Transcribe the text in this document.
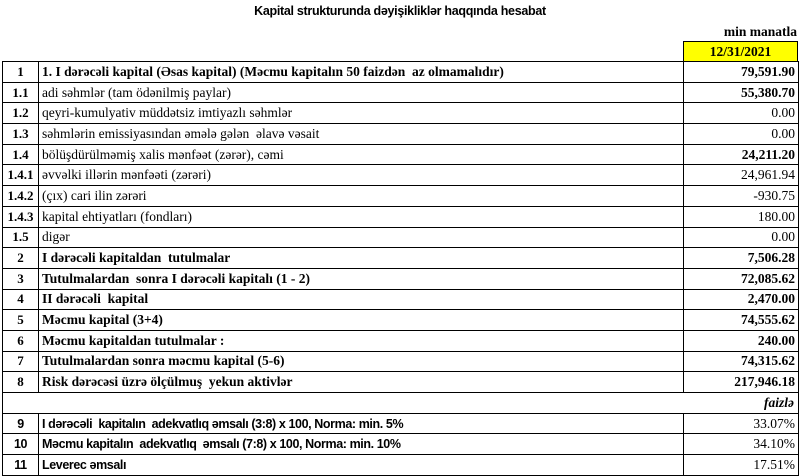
Kapital strukturunda dəyişikliklər haqqında hesabat
min manatla
12/31/2021
1	1. I dərəcəli kapital (Əsas kapital) (Məcmu kapitalın 50 faizdən  az olmamalıdır)	79,591.90
1.1	adi səhmlər (tam ödənilmiş paylar)	55,380.70
1.2	qeyri-kumulyativ müddətsiz imtiyazlı səhmlər	0.00
1.3	səhmlərin emissiyasından əmələ gələn  əlavə vəsait	0.00
1.4	bölüşdürülməmiş xalis mənfəət (zərər), cəmi	24,211.20
1.4.1	əvvəlki illərin mənfəəti (zərəri)	24,961.94
1.4.2	(çıx) cari ilin zərəri	-930.75
1.4.3	kapital ehtiyatları (fondları)	180.00
1.5	digər	0.00
2	I dərəcəli kapitaldan  tutulmalar	7,506.28
3	Tutulmalardan  sonra I dərəcəli kapitalı (1 - 2)	72,085.62
4	II dərəcəli  kapital	2,470.00
5	Məcmu kapital (3+4)	74,555.62
6	Məcmu kapitaldan tutulmalar :	240.00
7	Tutulmalardan sonra məcmu kapital (5-6)	74,315.62
8	Risk dərəcəsi üzrə ölçülmuş  yekun aktivlər	217,946.18
faizlə		
9	I dərəcəli  kapitalın  adekvatlıq əmsalı (3:8) x 100, Norma: min. 5%	33.07%
10	Məcmu kapitalın  adekvatlıq  əmsalı (7:8) x 100, Norma: min. 10%	34.10%
11	Leverec əmsalı	17.51%
